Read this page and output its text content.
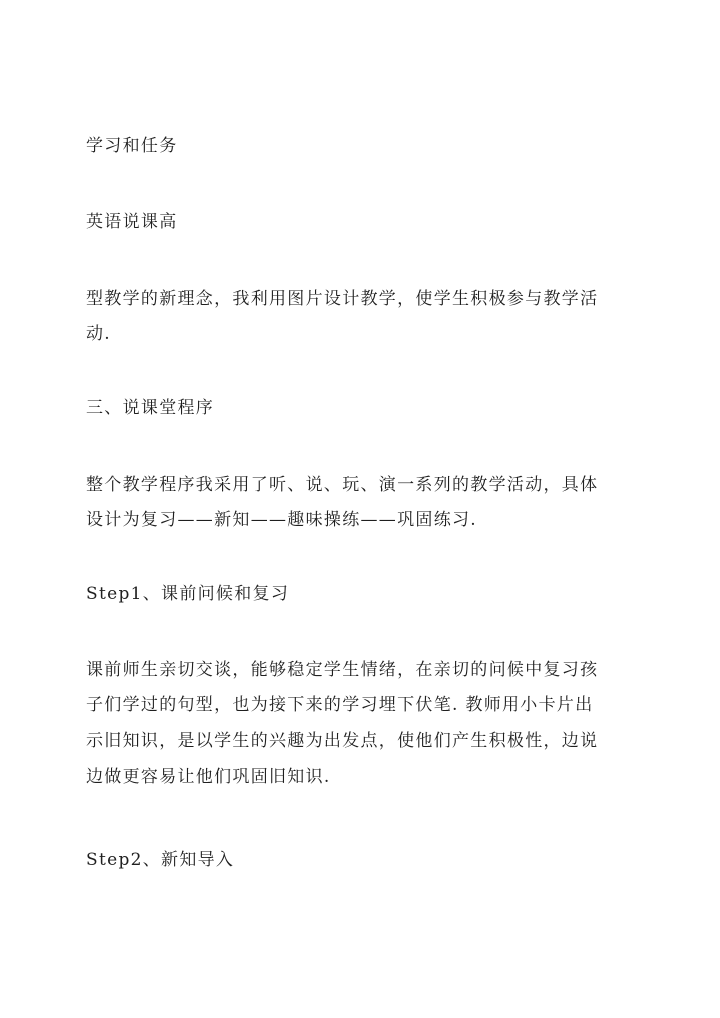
学习和任务
英语说课高
型教学的新理念，我利用图片设计教学，使学生积极参与教学活
动.
三、说课堂程序
整个教学程序我采用了听、说、玩、演一系列的教学活动，具体
设计为复习——新知——趣味操练——巩固练习.
Step1、课前问候和复习
课前师生亲切交谈，能够稳定学生情绪，在亲切的问候中复习孩
子们学过的句型，也为接下来的学习埋下伏笔. 教师用小卡片出
示旧知识，是以学生的兴趣为出发点，使他们产生积极性，边说
边做更容易让他们巩固旧知识.
Step2、新知导入
